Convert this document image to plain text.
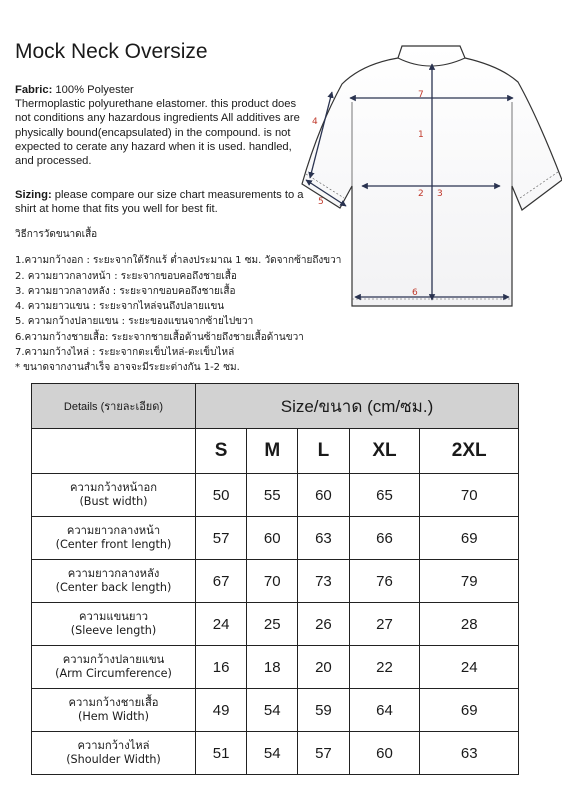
Mock Neck Oversize
Fabric: 100% Polyester
Thermoplastic polyurethane elastomer. this product does not conditions any hazardous ingredients All additives are physically bound(encapsulated) in the compound. is not expected to cerate any hazard when it is used. handled, and processed.
Sizing: please compare our size chart measurements to a shirt at home that fits you well for best fit.
วิธีการวัดขนาดเสื้อ
1.ความกว้างอก : ระยะจากใต้รักแร้ ต่ำลงประมาณ 1 ซม. วัดจากซ้ายถึงขวา
2. ความยาวกลางหน้า : ระยะจากขอบคอถึงชายเสื้อ
3. ความยาวกลางหลัง : ระยะจากขอบคอถึงชายเสื้อ
4. ความยาวแขน : ระยะจากไหล่จนถึงปลายแขน
5. ความกว้างปลายแขน : ระยะของแขนจากซ้ายไปขวา
6.ความกว้างชายเสื้อ: ระยะจากชายเสื้อด้านซ้ายถึงชายเสื้อด้านขวา
7.ความกว้างไหล่ : ระยะจากตะเข็บไหล่-ตะเข็บไหล่
* ขนาดจากงานสำเร็จ อาจจะมีระยะต่างกัน 1-2 ซม.
1
2 3
4
5
6
7
Details (รายละเอียด)	Size/ขนาด (cm/ซม.)				
	S	M	L	XL	2XL

ความกว้างหน้าอก
(Bust width)	50	55	60	65	70

ความยาวกลางหน้า
(Center front length)	57	60	63	66	69

ความยาวกลางหลัง
(Center back length)	67	70	73	76	79

ความแขนยาว
(Sleeve length)	24	25	26	27	28

ความกว้างปลายแขน
(Arm Circumference)	16	18	20	22	24

ความกว้างชายเสื้อ
(Hem Width)	49	54	59	64	69

ความกว้างไหล่
(Shoulder Width)	51	54	57	60	63
